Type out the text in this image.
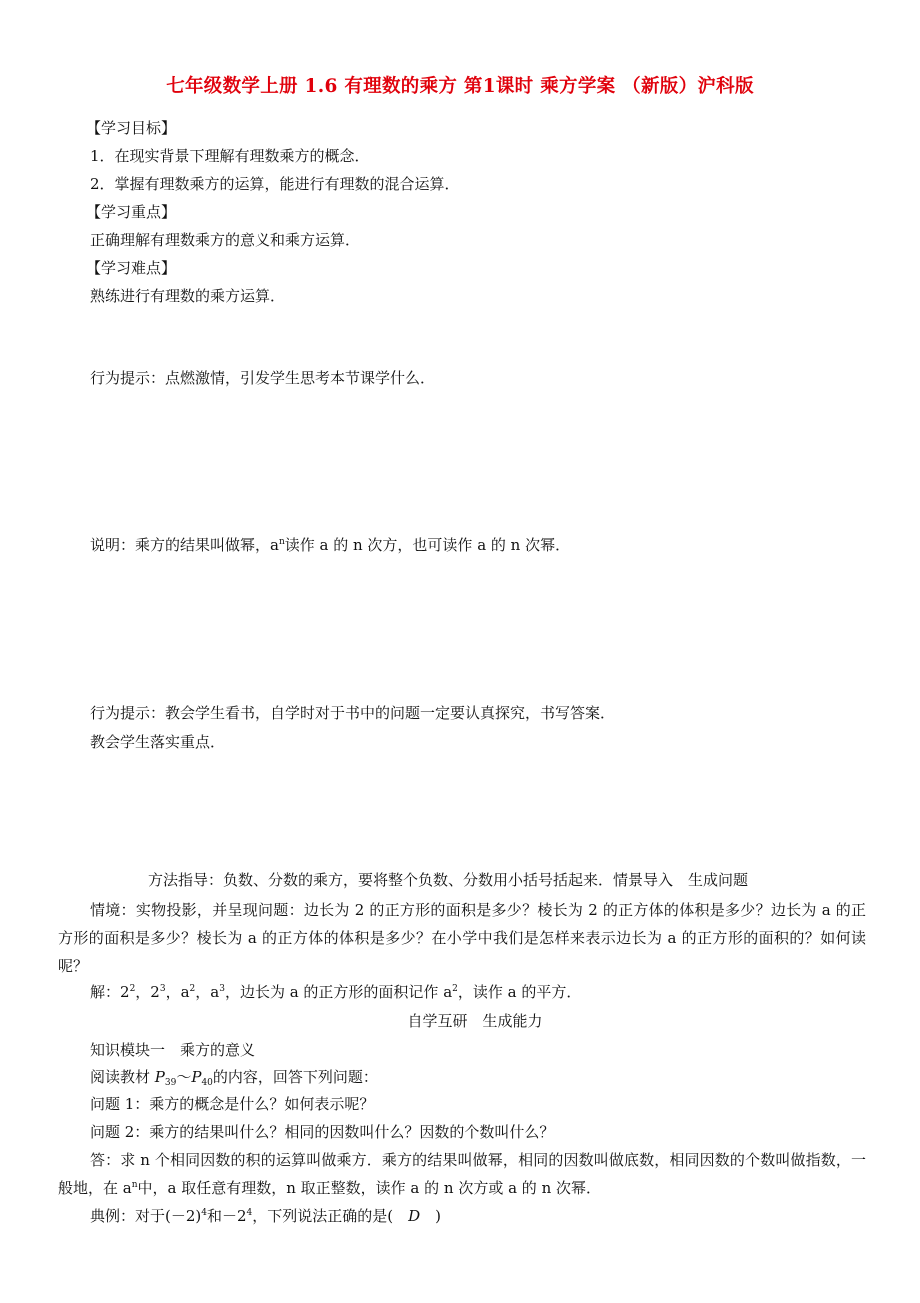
七年级数学上册 1.6 有理数的乘方 第1课时 乘方学案 （新版）沪科版
【学习目标】
1．在现实背景下理解有理数乘方的概念．
2．掌握有理数乘方的运算，能进行有理数的混合运算．
【学习重点】
正确理解有理数乘方的意义和乘方运算．
【学习难点】
熟练进行有理数的乘方运算．
行为提示：点燃激情，引发学生思考本节课学什么．
说明：乘方的结果叫做幂，$a^n$读作 a 的 n 次方，也可读作 a 的 n 次幂．
行为提示：教会学生看书，自学时对于书中的问题一定要认真探究，书写答案．
教会学生落实重点．
方法指导：负数、分数的乘方，要将整个负数、分数用小括号括起来．情景导入　生成问题
情境：实物投影，并呈现问题：边长为 2 的正方形的面积是多少？棱长为 2 的正方体的体积是多少？边长为 a 的正方形的面积是多少？棱长为 a 的正方体的体积是多少？在小学中我们是怎样来表示边长为 a 的正方形的面积的？如何读呢？
解：$2^2$，$2^3$，$a^2$，$a^3$，边长为 a 的正方形的面积记作 $a^2$，读作 a 的平方．
自学互研　生成能力
知识模块一　乘方的意义
阅读教材 $P_{39}\sim P_{40}$的内容，回答下列问题：
问题 1：乘方的概念是什么？如何表示呢？
问题 2：乘方的结果叫什么？相同的因数叫什么？因数的个数叫什么？
答：求 n 个相同因数的积的运算叫做乘方．乘方的结果叫做幂，相同的因数叫做底数，相同因数的个数叫做指数，一般地，在 $a^n$中，a 取任意有理数，n 取正整数，读作 a 的 n 次方或 a 的 n 次幂．
典例：对于$(-2)^4$和$-2^4$，下列说法正确的是(　D　)
